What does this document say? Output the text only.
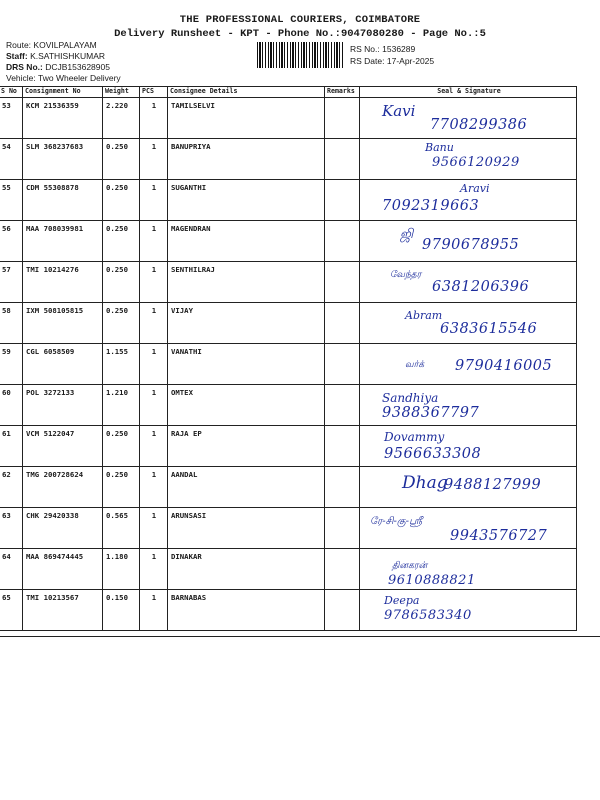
THE PROFESSIONAL COURIERS, COIMBATORE
Delivery Runsheet - KPT - Phone No.:9047080280 - Page No.:5
Route: KOVILPALAYAM
Staff: K.SATHISHKUMAR
DRS No.: DCJB153628905
Vehicle: Two Wheeler Delivery
RS No.: 1536289
RS Date: 17-Apr-2025
S No	Consignment No	Weight	PCS	Consignee Details	Remarks	Seal & Signature
53	KCM 21536359	2.220	1	TAMILSELVI		Kavi
7708299386

54	SLM 368237683	0.250	1	BANUPRIYA		Banu
9566120929

55	CDM 55308878	0.250	1	SUGANTHI		Aravi
7092319663

56	MAA 708039981	0.250	1	MAGENDRAN		ஜி
9790678955

57	TMI 10214276	0.250	1	SENTHILRAJ		வேந்தர
6381206396

58	IXM 508105815	0.250	1	VIJAY		Abram
6383615546

59	CGL 6058509	1.155	1	VANATHI		வர்க் 9790416005

60	POL 3272133	1.210	1	OMTEX		Sandhiya
9388367797

61	VCM 5122047	0.250	1	RAJA EP		Dovammy
9566633308

62	TMG 200728624	0.250	1	AANDAL		Dhag
9488127999

63	CHK 29420338	0.565	1	ARUNSASI		ரே-சி-கு-ஸ்ரீ
9943576727

64	MAA 869474445	1.180	1	DINAKAR		தினகரன்
9610888821

65	TMI 10213567	0.150	1	BARNABAS		Deepa
9786583340
